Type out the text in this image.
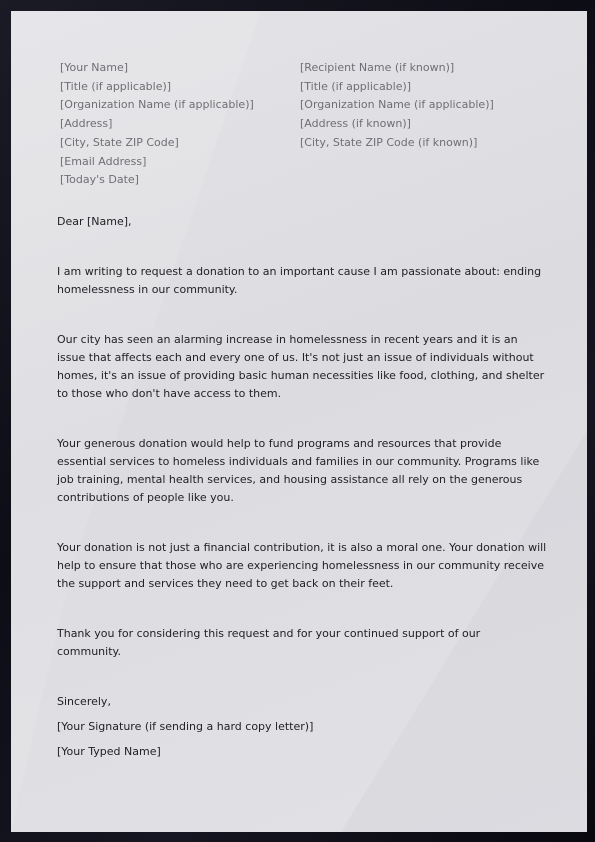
[Your Name]
[Title (if applicable)]
[Organization Name (if applicable)]
[Address]
[City, State ZIP Code]
[Email Address]
[Today's Date]
[Recipient Name (if known)]
[Title (if applicable)]
[Organization Name (if applicable)]
[Address (if known)]
[City, State ZIP Code (if known)]

Dear [Name],

I am writing to request a donation to an important cause I am passionate about: ending homelessness in our community.

Our city has seen an alarming increase in homelessness in recent years and it is an issue that affects each and every one of us. It's not just an issue of individuals without homes, it's an issue of providing basic human necessities like food, clothing, and shelter to those who don't have access to them.

Your generous donation would help to fund programs and resources that provide essential services to homeless individuals and families in our community. Programs like job training, mental health services, and housing assistance all rely on the generous contributions of people like you.

Your donation is not just a financial contribution, it is also a moral one. Your donation will help to ensure that those who are experiencing homelessness in our community receive the support and services they need to get back on their feet.

Thank you for considering this request and for your continued support of our community.

Sincerely,

[Your Signature (if sending a hard copy letter)]

[Your Typed Name]
